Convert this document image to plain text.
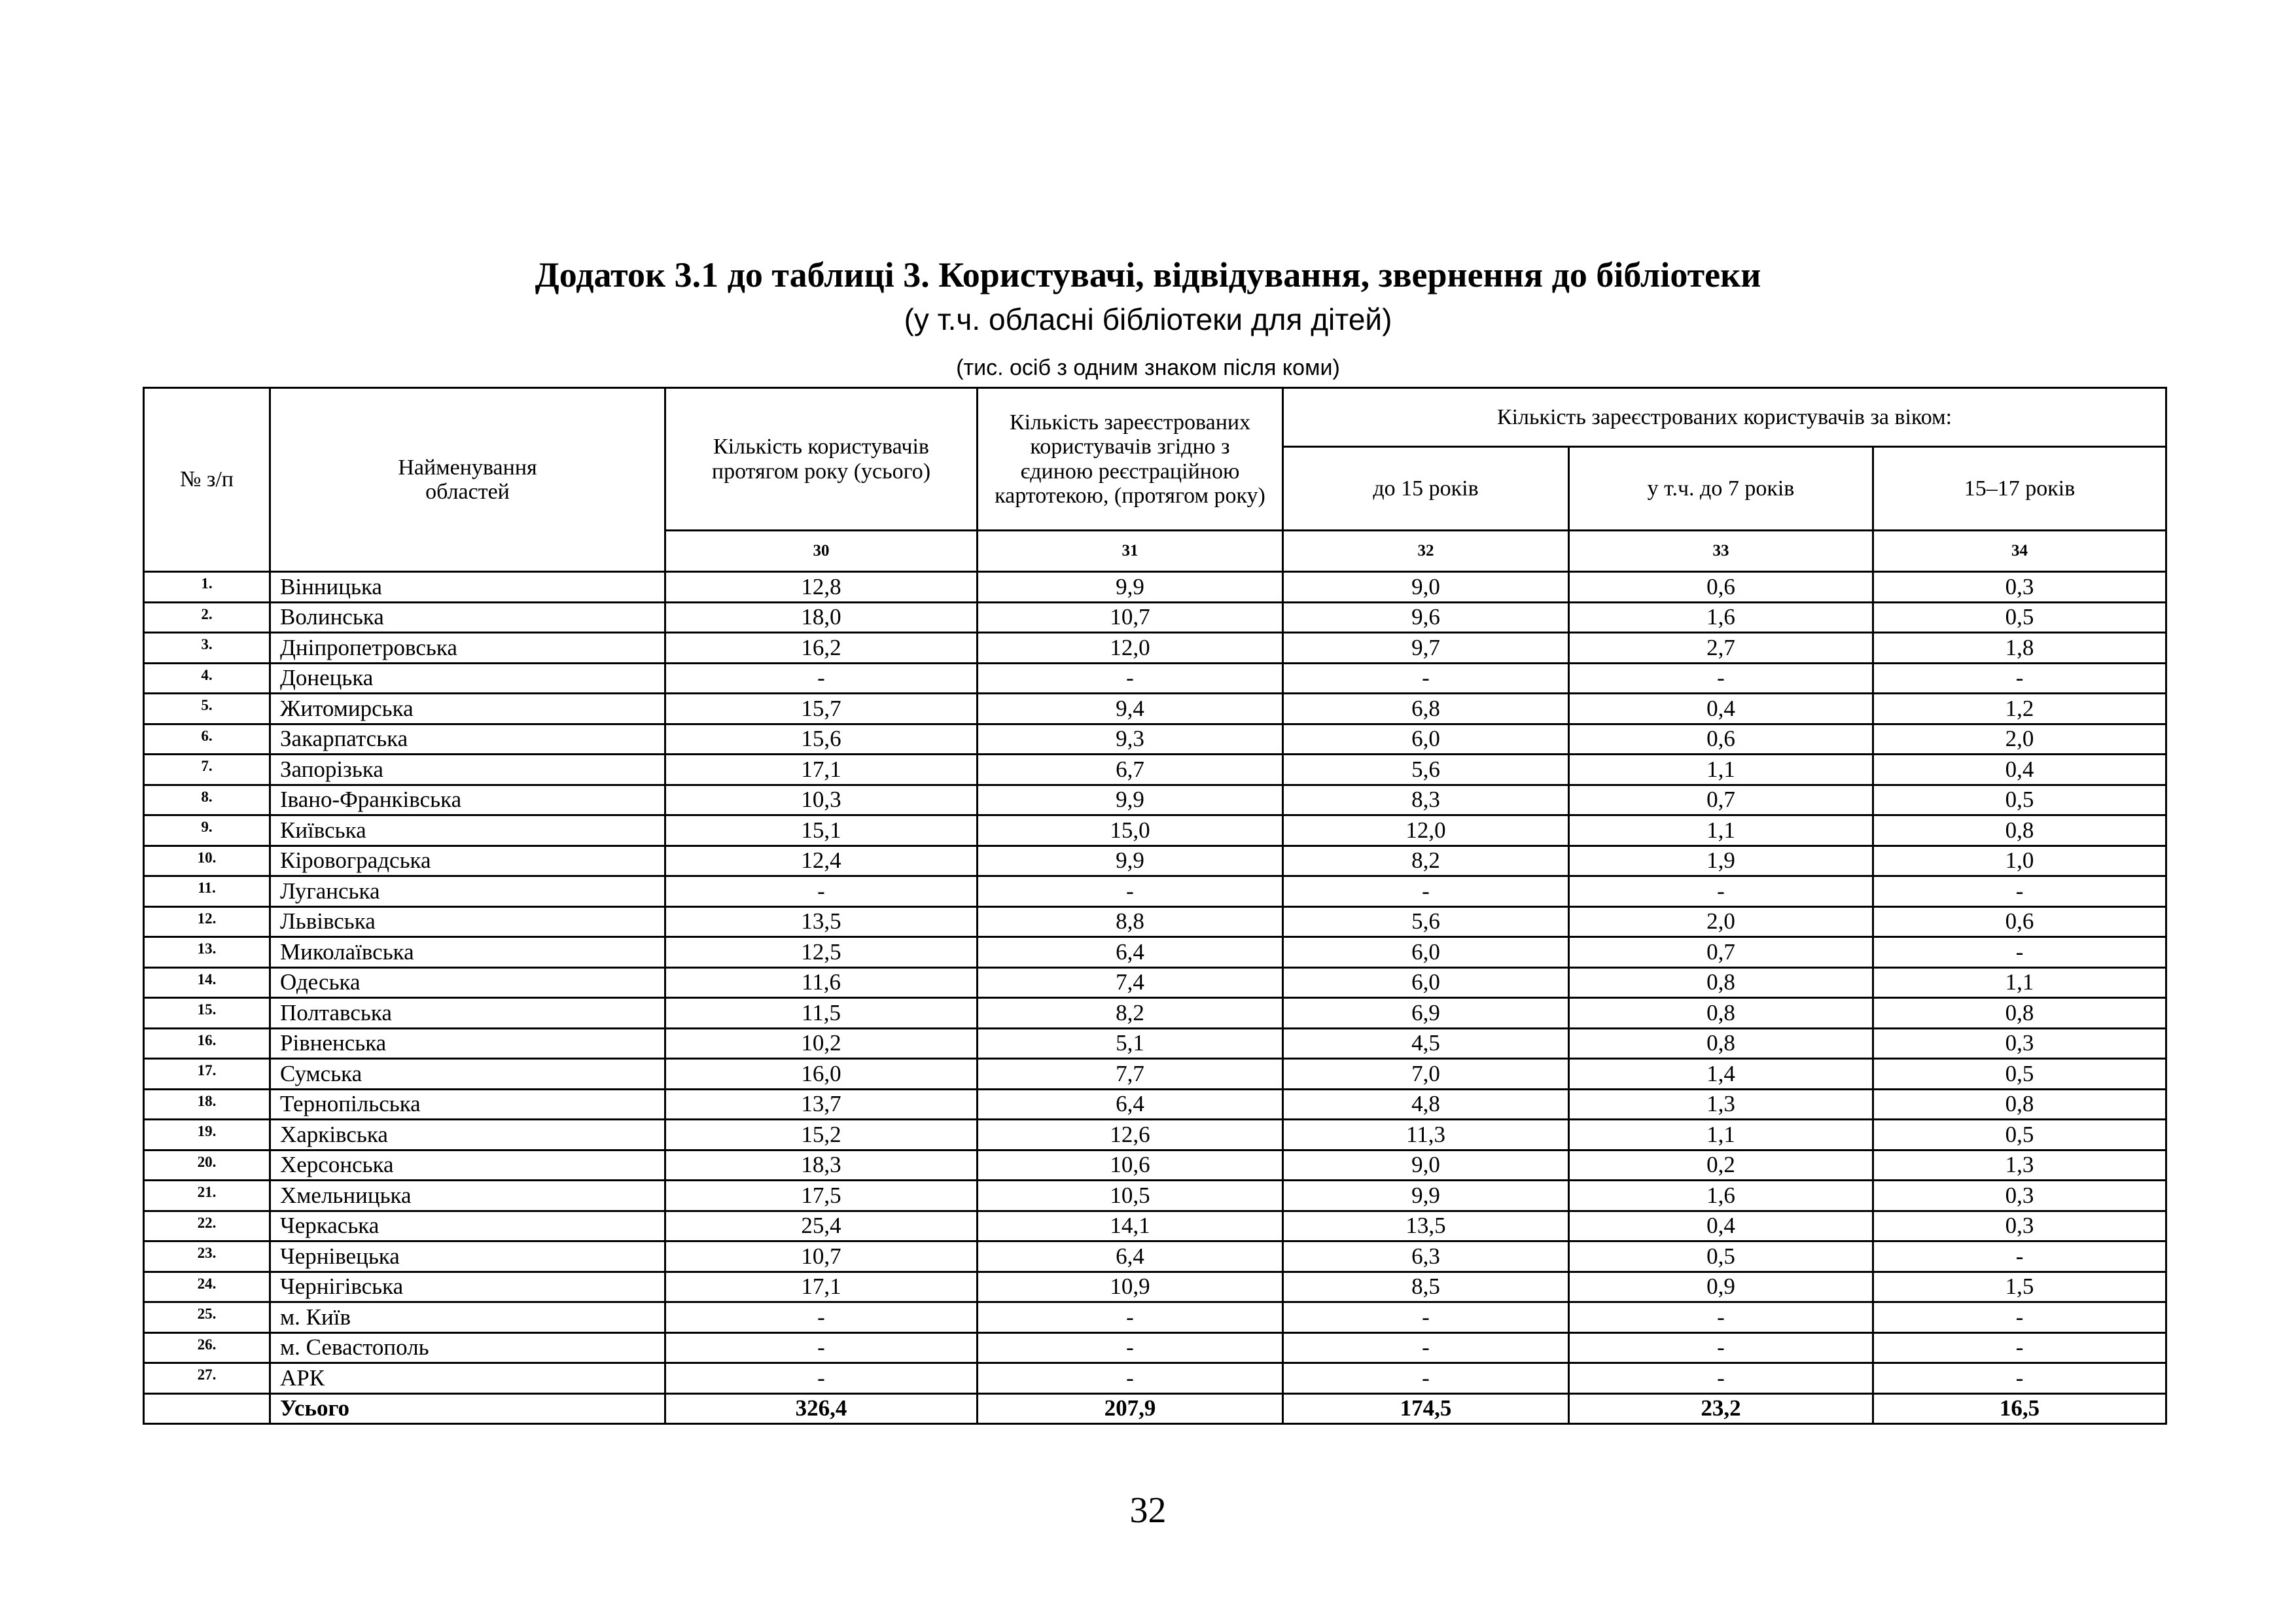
Додаток 3.1 до таблиці 3. Користувачі, відвідування, звернення до бібліотеки
(у т.ч. обласні бібліотеки для дітей)
(тис. осіб з одним знаком після коми)
№ з/п	Найменування областей	Кількість користувачів протягом року (усього)	Кількість зареєстрованих користувачів згідно з єдиною реєстраційною картотекою, (протягом року)	Кількість зареєстрованих користувачів за віком:		
				до 15 років	у т.ч. до 7 років	15–17 років
		30	31	32	33	34
1.	Вінницька	12,8	9,9	9,0	0,6	0,3
2.	Волинська	18,0	10,7	9,6	1,6	0,5
3.	Дніпропетровська	16,2	12,0	9,7	2,7	1,8
4.	Донецька	-	-	-	-	-
5.	Житомирська	15,7	9,4	6,8	0,4	1,2
6.	Закарпатська	15,6	9,3	6,0	0,6	2,0
7.	Запорізька	17,1	6,7	5,6	1,1	0,4
8.	Івано-Франківська	10,3	9,9	8,3	0,7	0,5
9.	Київська	15,1	15,0	12,0	1,1	0,8
10.	Кіровоградська	12,4	9,9	8,2	1,9	1,0
11.	Луганська	-	-	-	-	-
12.	Львівська	13,5	8,8	5,6	2,0	0,6
13.	Миколаївська	12,5	6,4	6,0	0,7	-
14.	Одеська	11,6	7,4	6,0	0,8	1,1
15.	Полтавська	11,5	8,2	6,9	0,8	0,8
16.	Рівненська	10,2	5,1	4,5	0,8	0,3
17.	Сумська	16,0	7,7	7,0	1,4	0,5
18.	Тернопільська	13,7	6,4	4,8	1,3	0,8
19.	Харківська	15,2	12,6	11,3	1,1	0,5
20.	Херсонська	18,3	10,6	9,0	0,2	1,3
21.	Хмельницька	17,5	10,5	9,9	1,6	0,3
22.	Черкаська	25,4	14,1	13,5	0,4	0,3
23.	Чернівецька	10,7	6,4	6,3	0,5	-
24.	Чернігівська	17,1	10,9	8,5	0,9	1,5
25.	м. Київ	-	-	-	-	-
26.	м. Севастополь	-	-	-	-	-
27.	АРК	-	-	-	-	-
	Усього	326,4	207,9	174,5	23,2	16,5
32
